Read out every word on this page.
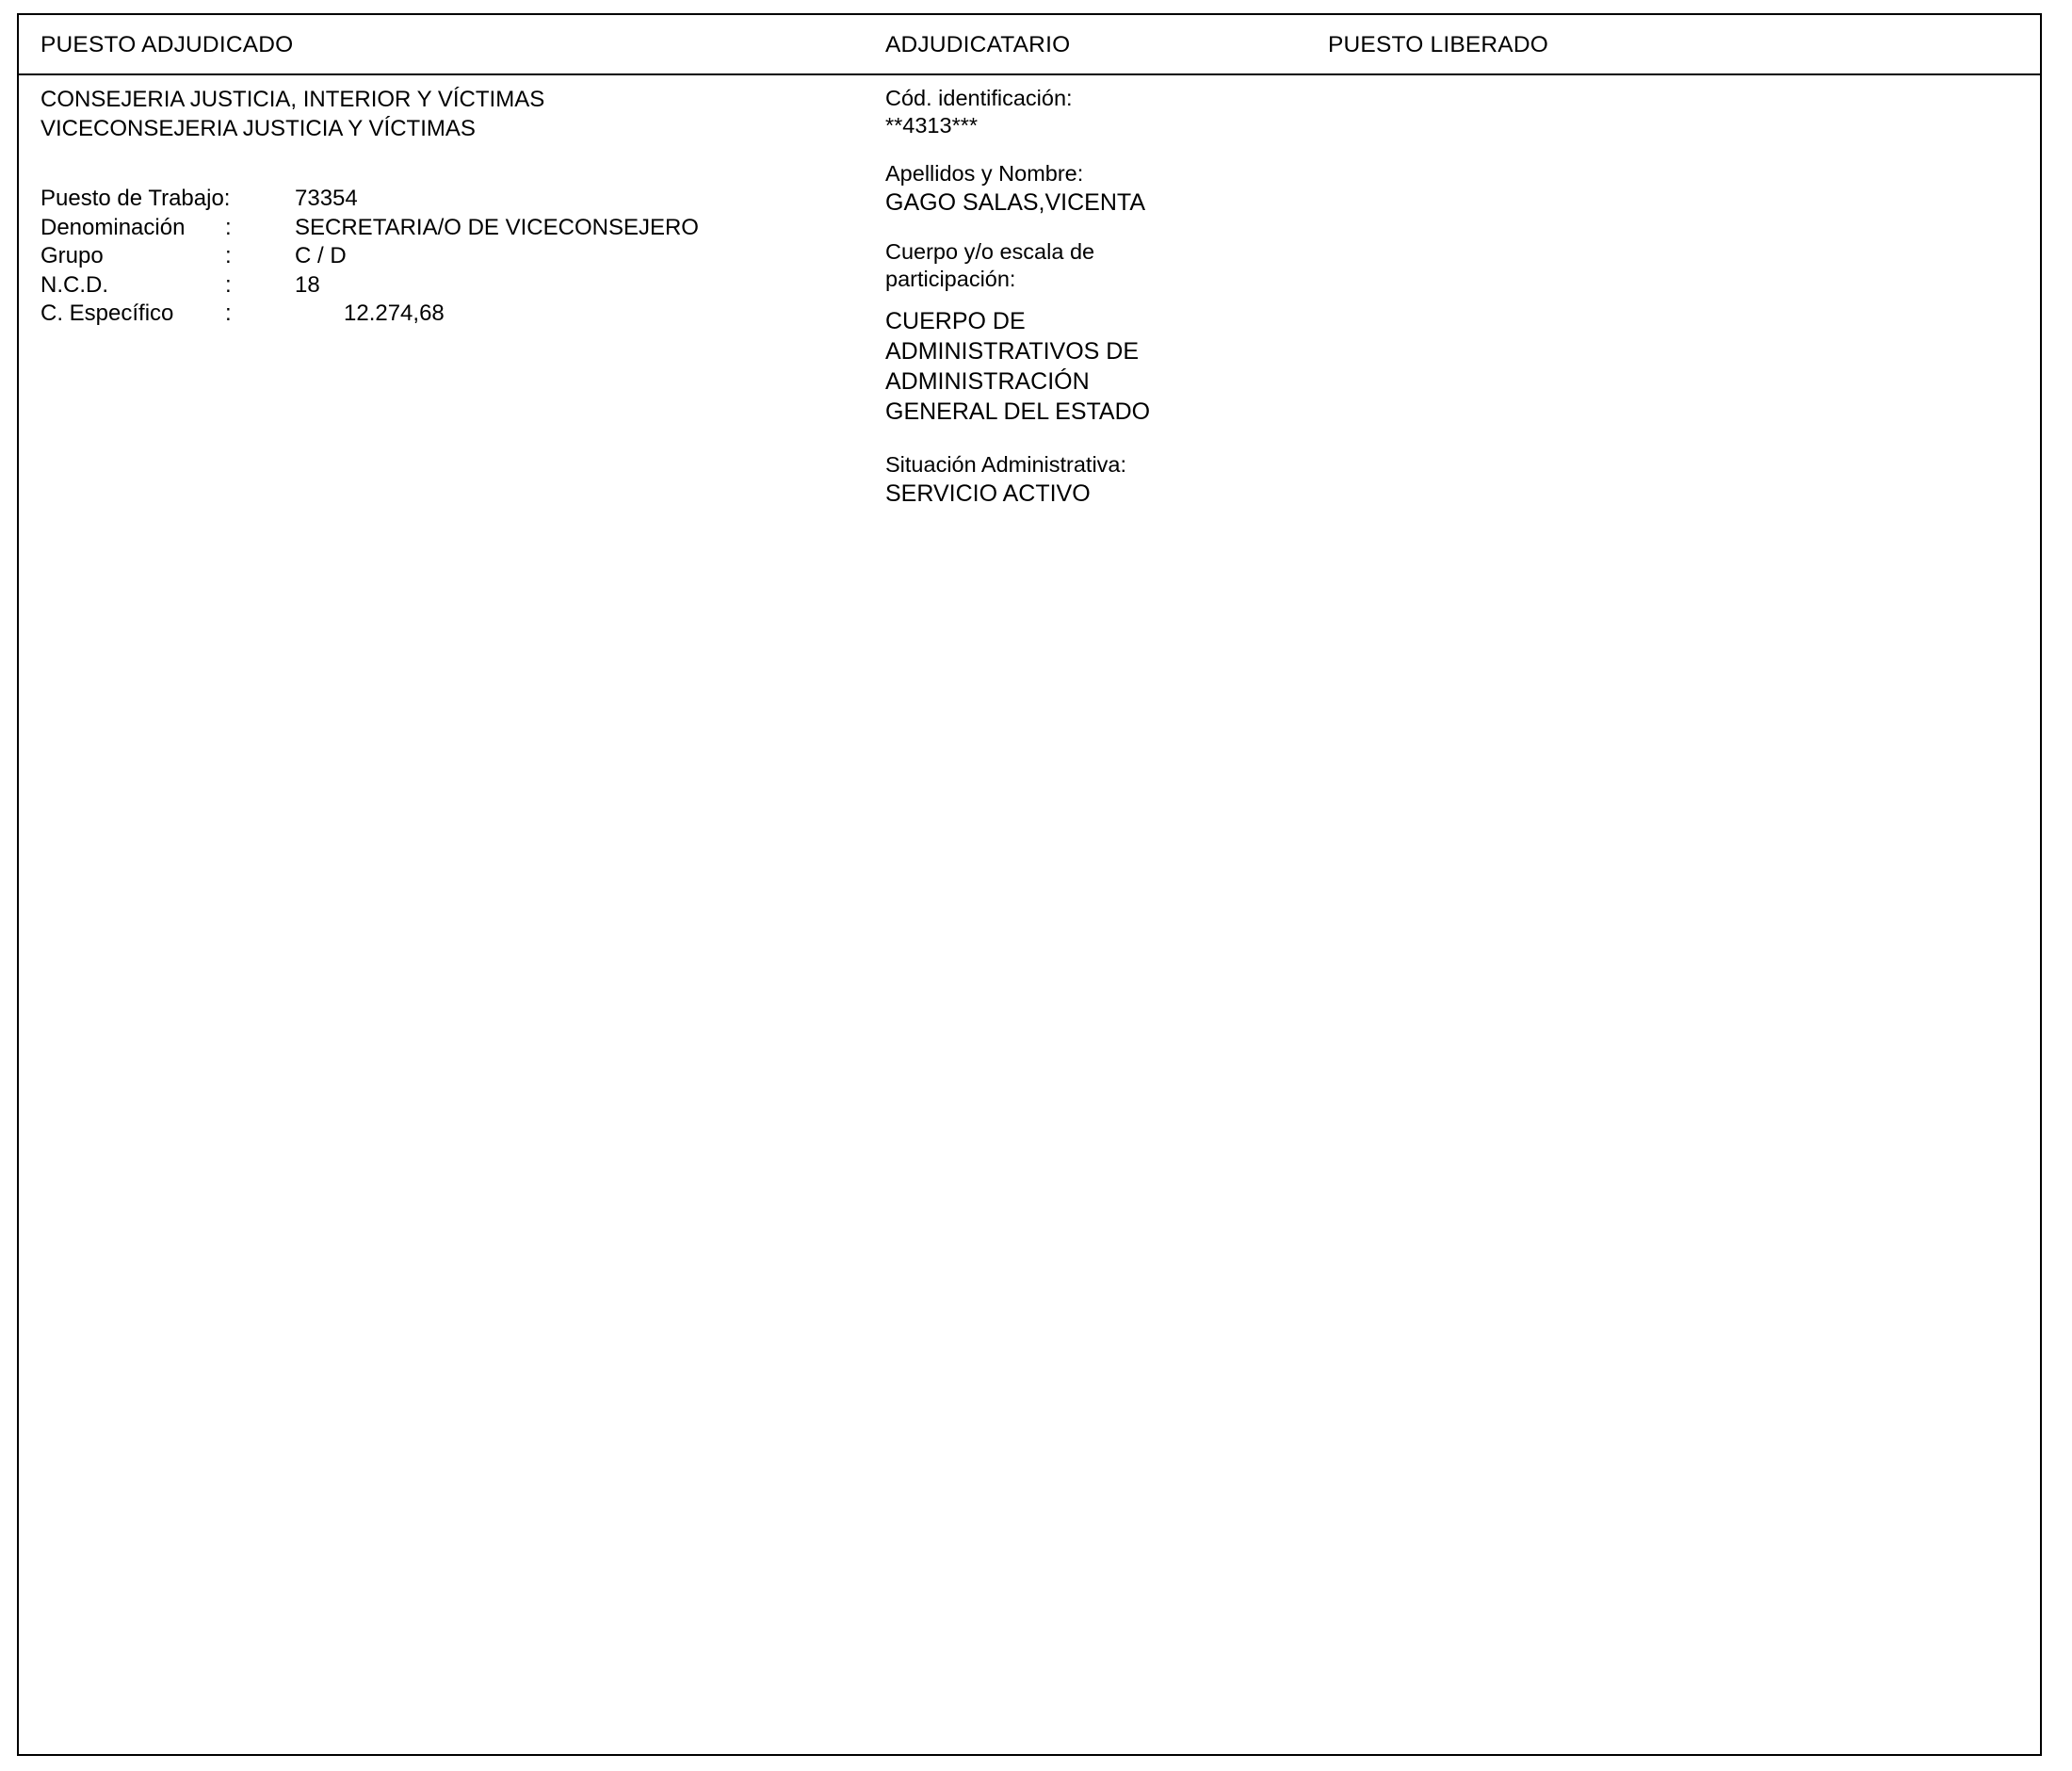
PUESTO ADJUDICADO	ADJUDICATARIO	PUESTO LIBERADO
CONSEJERIA JUSTICIA, INTERIOR Y VÍCTIMAS
VICECONSEJERIA JUSTICIA Y VÍCTIMAS
Puesto de Trabajo:	73354
Denominación :	SECRETARIA/O DE VICECONSEJERO
Grupo	:	C / D
N.C.D.	:	18
C. Específico :	12.274,68
Cód. identificación:
**4313***
Apellidos y Nombre:
GAGO SALAS,VICENTA
Cuerpo y/o escala de
participación:
CUERPO DE
ADMINISTRATIVOS DE
ADMINISTRACIÓN
GENERAL DEL ESTADO
Situación Administrativa:
SERVICIO ACTIVO
